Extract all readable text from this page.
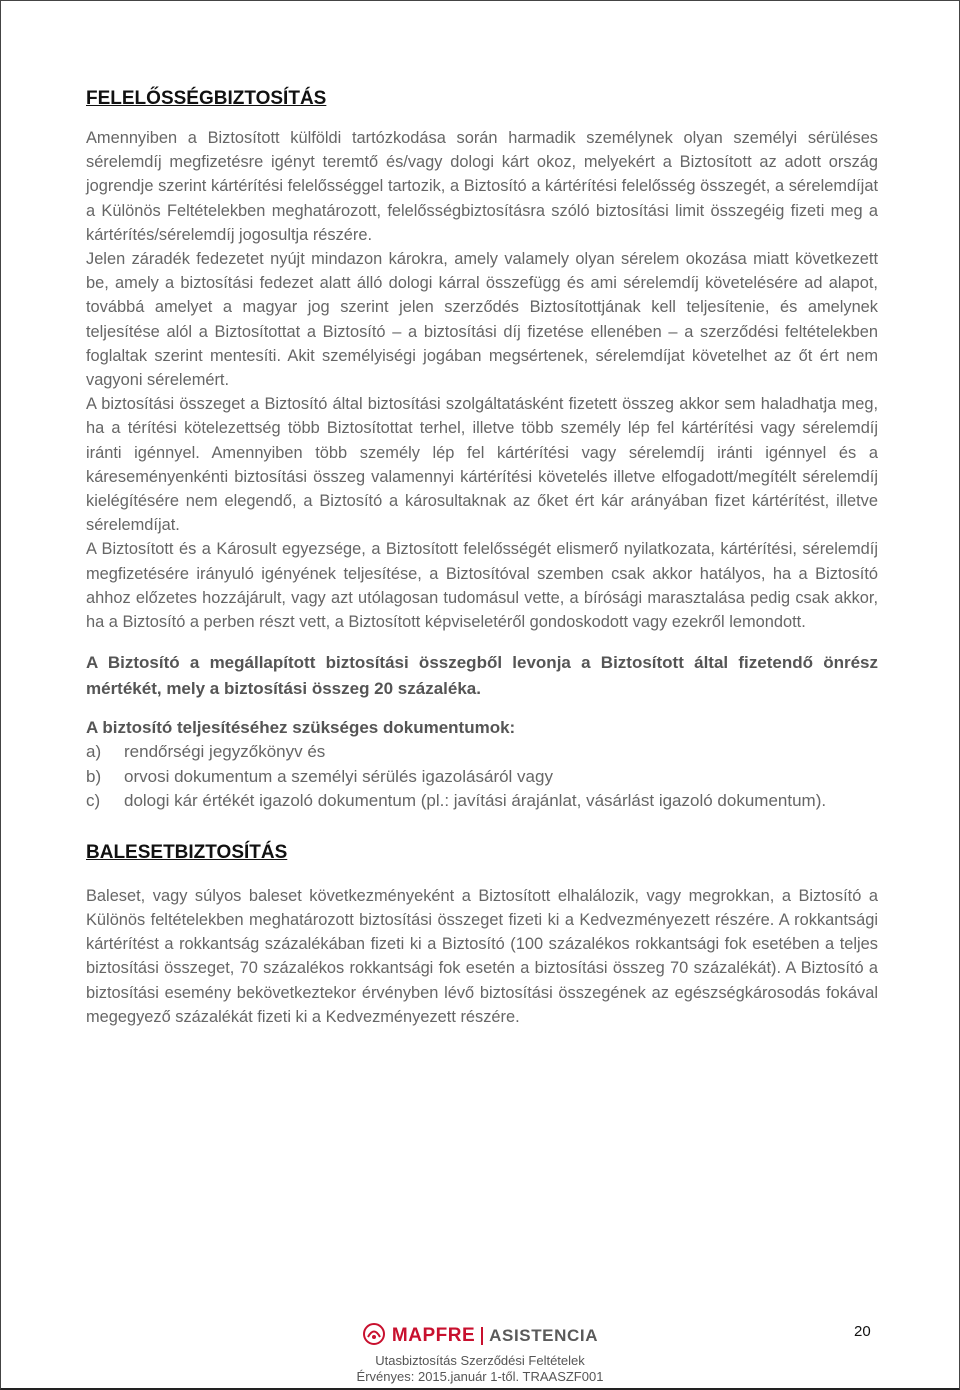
FELELŐSSÉGBIZTOSÍTÁS

Amennyiben a Biztosított külföldi tartózkodása során harmadik személynek olyan személyi sérüléses sérelemdíj megfizetésre igényt teremtő és/vagy dologi kárt okoz, melyekért a Biztosított az adott ország jogrendje szerint kártérítési felelősséggel tartozik, a Biztosító a kártérítési felelősség összegét, a sérelemdíjat a Különös Feltételekben meghatározott, felelősségbiztosításra szóló biztosítási limit összegéig fizeti meg a kártérítés/sérelemdíj jogosultja részére.

Jelen záradék fedezetet nyújt mindazon károkra, amely valamely olyan sérelem okozása miatt következett be, amely a biztosítási fedezet alatt álló dologi kárral összefügg és ami sérelemdíj követelésére ad alapot, továbbá amelyet a magyar jog szerint jelen szerződés Biztosítottjának kell teljesítenie, és amelynek teljesítése alól a Biztosítottat a Biztosító – a biztosítási díj fizetése ellenében – a szerződési feltételekben foglaltak szerint mentesíti. Akit személyiségi jogában megsértenek, sérelemdíjat követelhet az őt ért nem vagyoni sérelemért.

A biztosítási összeget a Biztosító által biztosítási szolgáltatásként fizetett összeg akkor sem haladhatja meg, ha a térítési kötelezettség több Biztosítottat terhel, illetve több személy lép fel kártérítési vagy sérelemdíj iránti igénnyel. Amennyiben több személy lép fel kártérítési vagy sérelemdíj iránti igénnyel és a káreseményenkénti biztosítási összeg valamennyi kártérítési követelés illetve elfogadott/megítélt sérelemdíj kielégítésére nem elegendő, a Biztosító a károsultaknak az őket ért kár arányában fizet kártérítést, illetve sérelemdíjat.

A Biztosított és a Károsult egyezsége, a Biztosított felelősségét elismerő nyilatkozata, kártérítési, sérelemdíj megfizetésére irányuló igényének teljesítése, a Biztosítóval szemben csak akkor hatályos, ha a Biztosító ahhoz előzetes hozzájárult, vagy azt utólagosan tudomásul vette, a bírósági marasztalása pedig csak akkor, ha a Biztosító a perben részt vett, a Biztosított képviseletéről gondoskodott vagy ezekről lemondott.

A Biztosító a megállapított biztosítási összegből levonja a Biztosított által fizetendő önrész mértékét, mely a biztosítási összeg 20 százaléka.

A biztosító teljesítéséhez szükséges dokumentumok:

a)	rendőrségi jegyzőkönyv és
b)	orvosi dokumentum a személyi sérülés igazolásáról vagy
c)	dologi kár értékét igazoló dokumentum (pl.: javítási árajánlat, vásárlást igazoló dokumentum).
BALESETBIZTOSÍTÁS

Baleset, vagy súlyos baleset következményeként a Biztosított elhalálozik, vagy megrokkan, a Biztosító a Különös feltételekben meghatározott biztosítási összeget fizeti ki a Kedvezményezett részére. A rokkantsági kártérítést a rokkantság százalékában fizeti ki a Biztosító (100 százalékos rokkantsági fok esetében a teljes biztosítási összeget, 70 százalékos rokkantsági fok esetén a biztosítási összeg 70 százalékát). A Biztosító a biztosítási esemény bekövetkeztekor érvényben lévő biztosítási összegének az egészségkárosodás fokával megegyező százalékát fizeti ki a Kedvezményezett részére.

MAPFRE ASISTENCIA
Utasbiztosítás Szerződési Feltételek
Érvényes: 2015.január 1-től. TRAASZF001
20
